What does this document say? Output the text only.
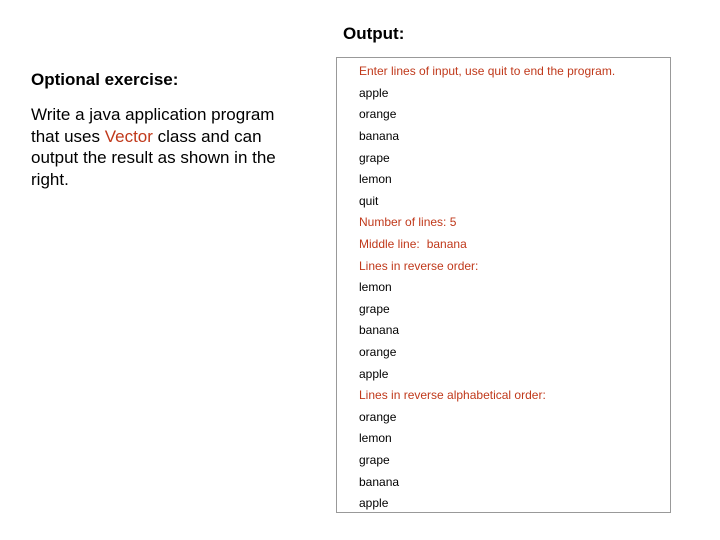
Output:
Optional exercise:
Write a java application program that uses Vector class and can output the result as shown in the right.
Enter lines of input, use quit to end the program.
apple
orange
banana
grape
lemon
quit
Number of lines: 5
Middle line: banana
Lines in reverse order:
lemon
grape
banana
orange
apple
Lines in reverse alphabetical order:
orange
lemon
grape
banana
apple
